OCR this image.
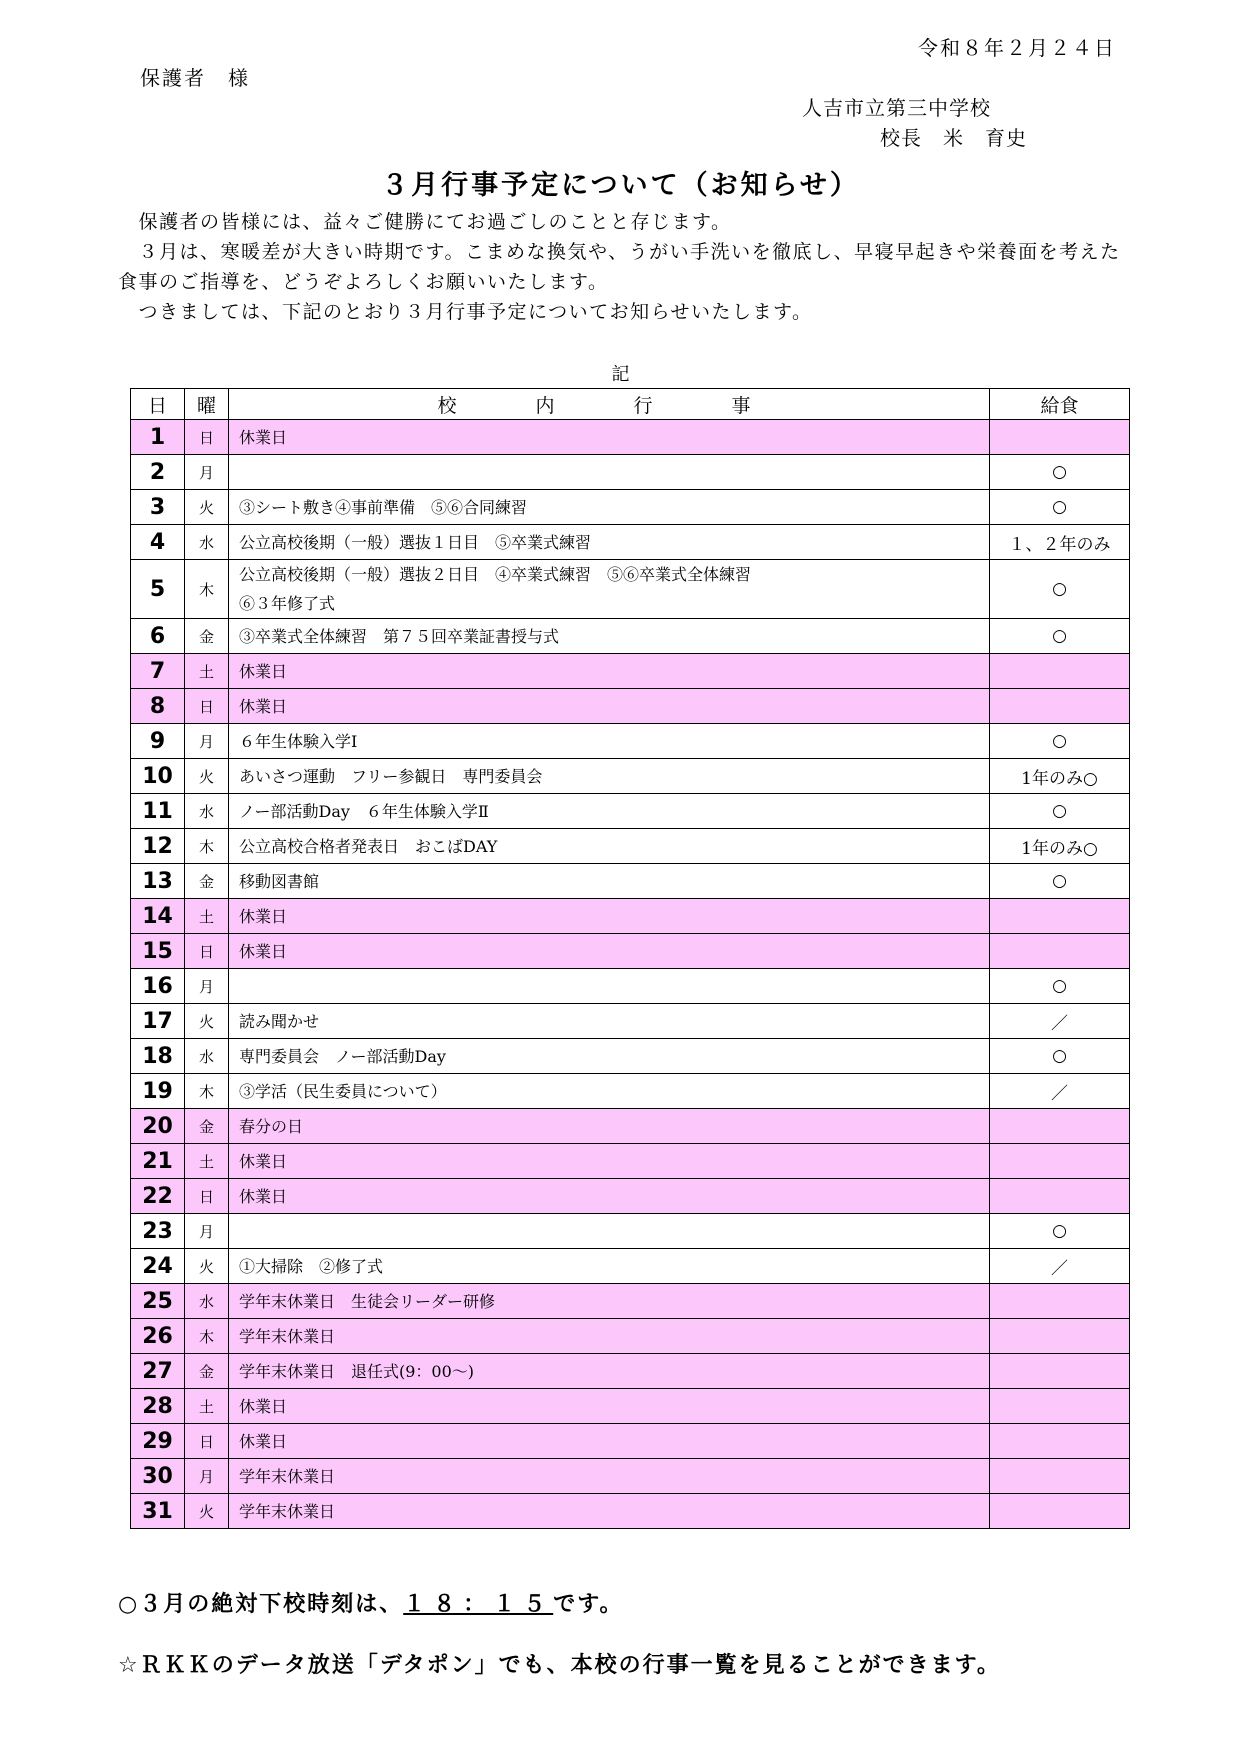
令和８年２月２４日
保護者　様
人吉市立第三中学校
校長　米　育史
３月行事予定について（お知らせ）

　保護者の皆様には、益々ご健勝にてお過ごしのことと存じます。

　３月は、寒暖差が大きい時期です。こまめな換気や、うがい手洗いを徹底し、早寝早起きや栄養面を考えた食事のご指導を、どうぞよろしくお願いいたします。

　つきましては、下記のとおり３月行事予定についてお知らせいたします。

記
日	曜	校　内　行　事	給食
1	日	休業日	

2	月		○
3	火	③シート敷き④事前準備　⑤⑥合同練習	○
4	水	公立高校後期（一般）選抜１日目　⑤卒業式練習	１、２年のみ
5	木	公立高校後期（一般）選抜２日目　④卒業式練習　⑤⑥卒業式全体練習
⑥３年修了式	○
6	金	③卒業式全体練習　第７５回卒業証書授与式	○
7	土	休業日	

8	日	休業日	

9	月	６年生体験入学Ⅰ	○
10	火	あいさつ運動　フリー参観日　専門委員会	1年のみ○
11	水	ノー部活動Day　６年生体験入学Ⅱ	○
12	木	公立高校合格者発表日　おこばDAY	1年のみ○
13	金	移動図書館	○
14	土	休業日	

15	日	休業日	

16	月		○
17	火	読み聞かせ	／
18	水	専門委員会　ノー部活動Day	○
19	木	③学活（民生委員について）	／
20	金	春分の日	

21	土	休業日	

22	日	休業日	

23	月		○
24	火	①大掃除　②修了式	／
25	水	学年末休業日　生徒会リーダー研修	

26	木	学年末休業日	

27	金	学年末休業日　退任式(9：00～)	

28	土	休業日	

29	日	休業日	

30	月	学年末休業日	

31	火	学年末休業日	

○３月の絶対下校時刻は、１８：１５です。
☆ＲＫＫのデータ放送「デタポン」でも、本校の行事一覧を見ることができます。
